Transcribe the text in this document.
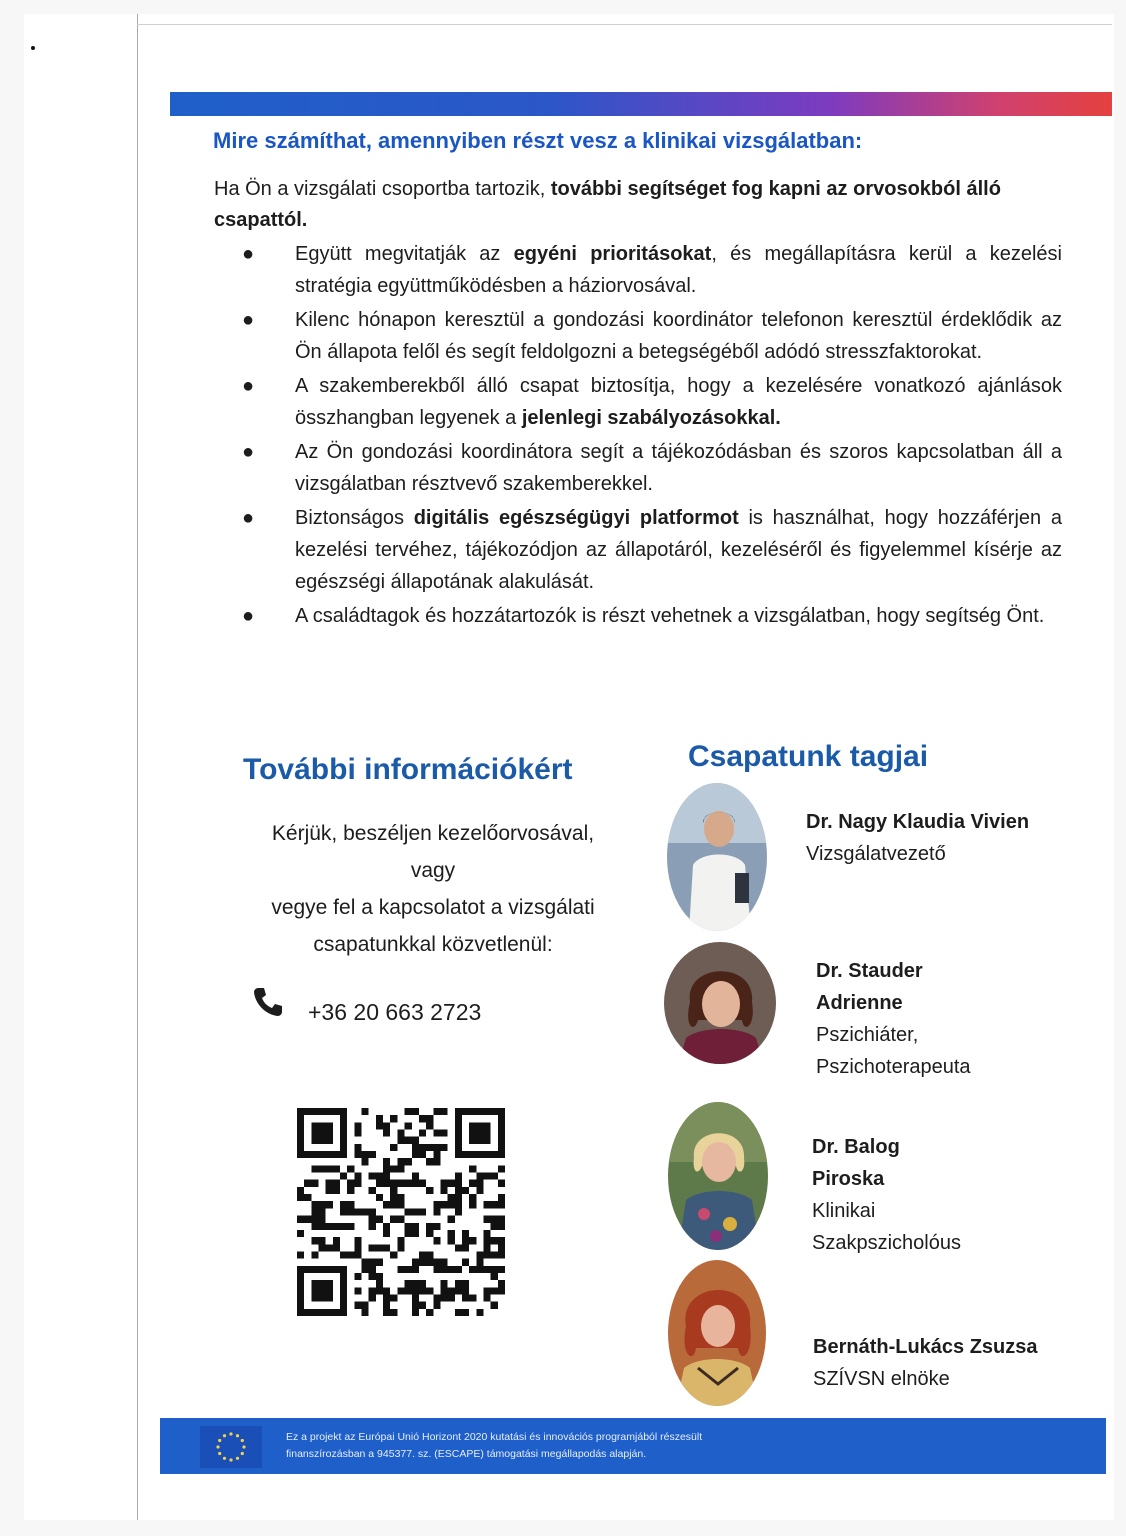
Mire számíthat, amennyiben részt vesz a klinikai vizsgálatban:
Ha Ön a vizsgálati csoportba tartozik, további segítséget fog kapni az orvosokból álló csapattól.
● Együtt megvitatják az egyéni prioritásokat, és megállapításra kerül a kezelési stratégia együttműködésben a háziorvosával.
● Kilenc hónapon keresztül a gondozási koordinátor telefonon keresztül érdeklődik az Ön állapota felől és segít feldolgozni a betegségéből adódó stresszfaktorokat.
● A szakemberekből álló csapat biztosítja, hogy a kezelésére vonatkozó ajánlások összhangban legyenek a jelenlegi szabályozásokkal.
● Az Ön gondozási koordinátora segít a tájékozódásban és szoros kapcsolatban áll a vizsgálatban résztvevő szakemberekkel.
● Biztonságos digitális egészségügyi platformot is használhat, hogy hozzáférjen a kezelési tervéhez, tájékozódjon az állapotáról, kezeléséről és figyelemmel kísérje az egészségi állapotának alakulását.
● A családtagok és hozzátartozók is részt vehetnek a vizsgálatban, hogy segítség Önt.
További információkért
Kérjük, beszéljen kezelőorvosával,
vagy
vegye fel a kapcsolatot a vizsgálati
csapatunkkal közvetlenül:
+36 20 663 2723
Csapatunk tagjai
Dr. Nagy Klaudia Vivien
Vizsgálatvezető
Dr. Stauder
Adrienne
Pszichiáter,
Pszichoterapeuta
Dr. Balog
Piroska
Klinikai
Szakpszicholóus
Bernáth-Lukács Zsuzsa
SZÍVSN elnöke
Ez a projekt az Európai Unió Horizont 2020 kutatási és innovációs programjából részesült
finanszírozásban a 945377. sz. (ESCAPE) támogatási megállapodás alapján.
